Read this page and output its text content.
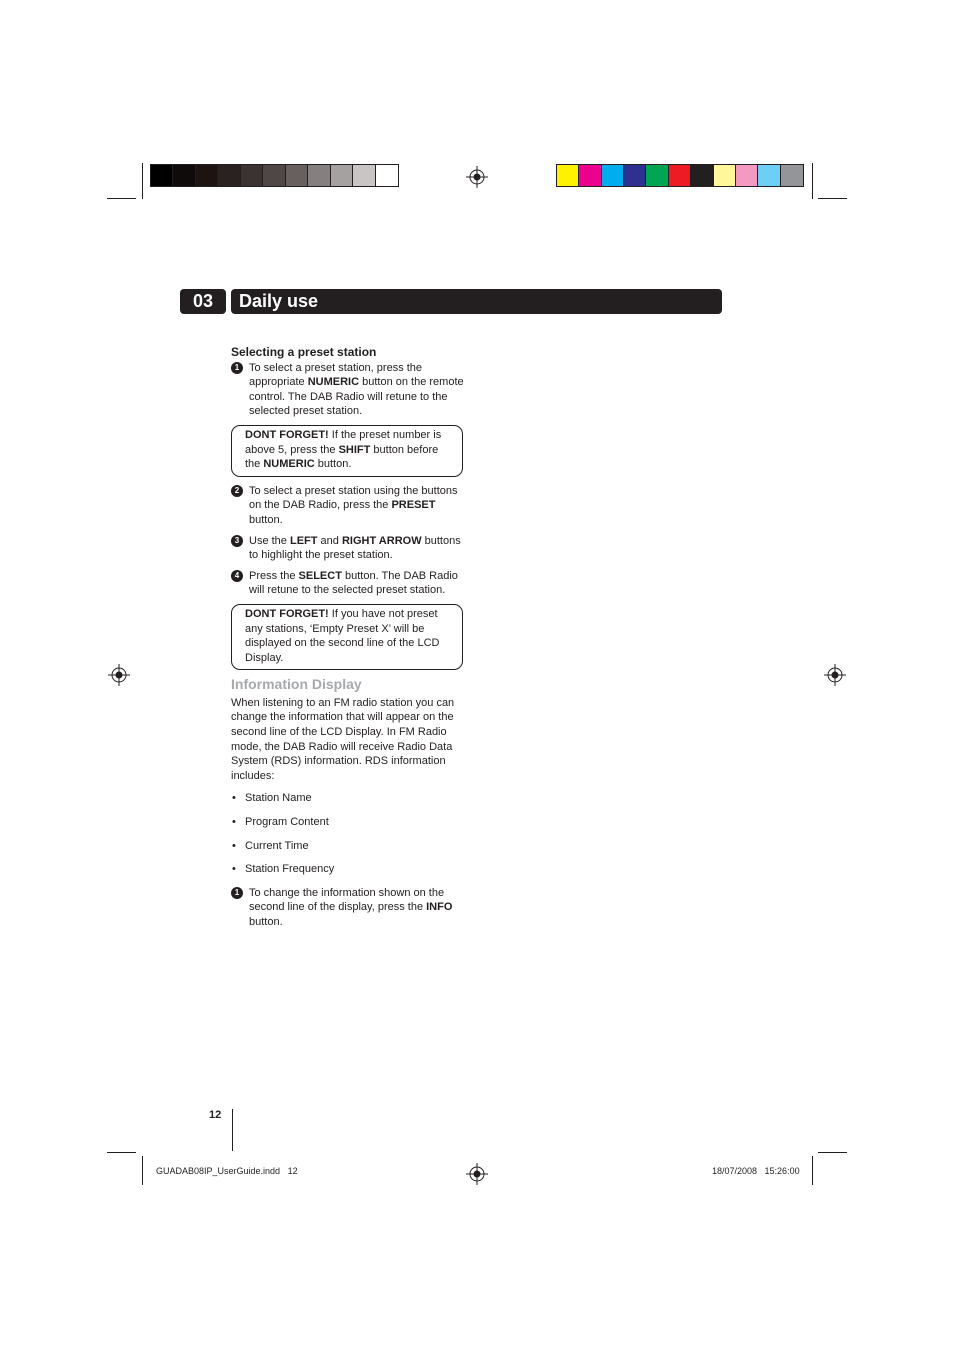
03	Daily use
Selecting a preset station
1 To select a preset station, press the appropriate NUMERIC button on the remote control. The DAB Radio will retune to the selected preset station.
DONT FORGET! If the preset number is above 5, press the SHIFT button before the NUMERIC button.
2 To select a preset station using the buttons on the DAB Radio, press the PRESET button.
3 Use the LEFT and RIGHT ARROW buttons to highlight the preset station.
4 Press the SELECT button. The DAB Radio will retune to the selected preset station.
DONT FORGET! If you have not preset any stations, ‘Empty Preset X’ will be displayed on the second line of the LCD Display.
Information Display
When listening to an FM radio station you can change the information that will appear on the second line of the LCD Display. In FM Radio mode, the DAB Radio will receive Radio Data System (RDS) information. RDS information includes:
• Station Name
• Program Content
• Current Time
• Station Frequency
1 To change the information shown on the second line of the display, press the INFO button.
12
GUADAB08IP_UserGuide.indd   12	18/07/2008   15:26:00
